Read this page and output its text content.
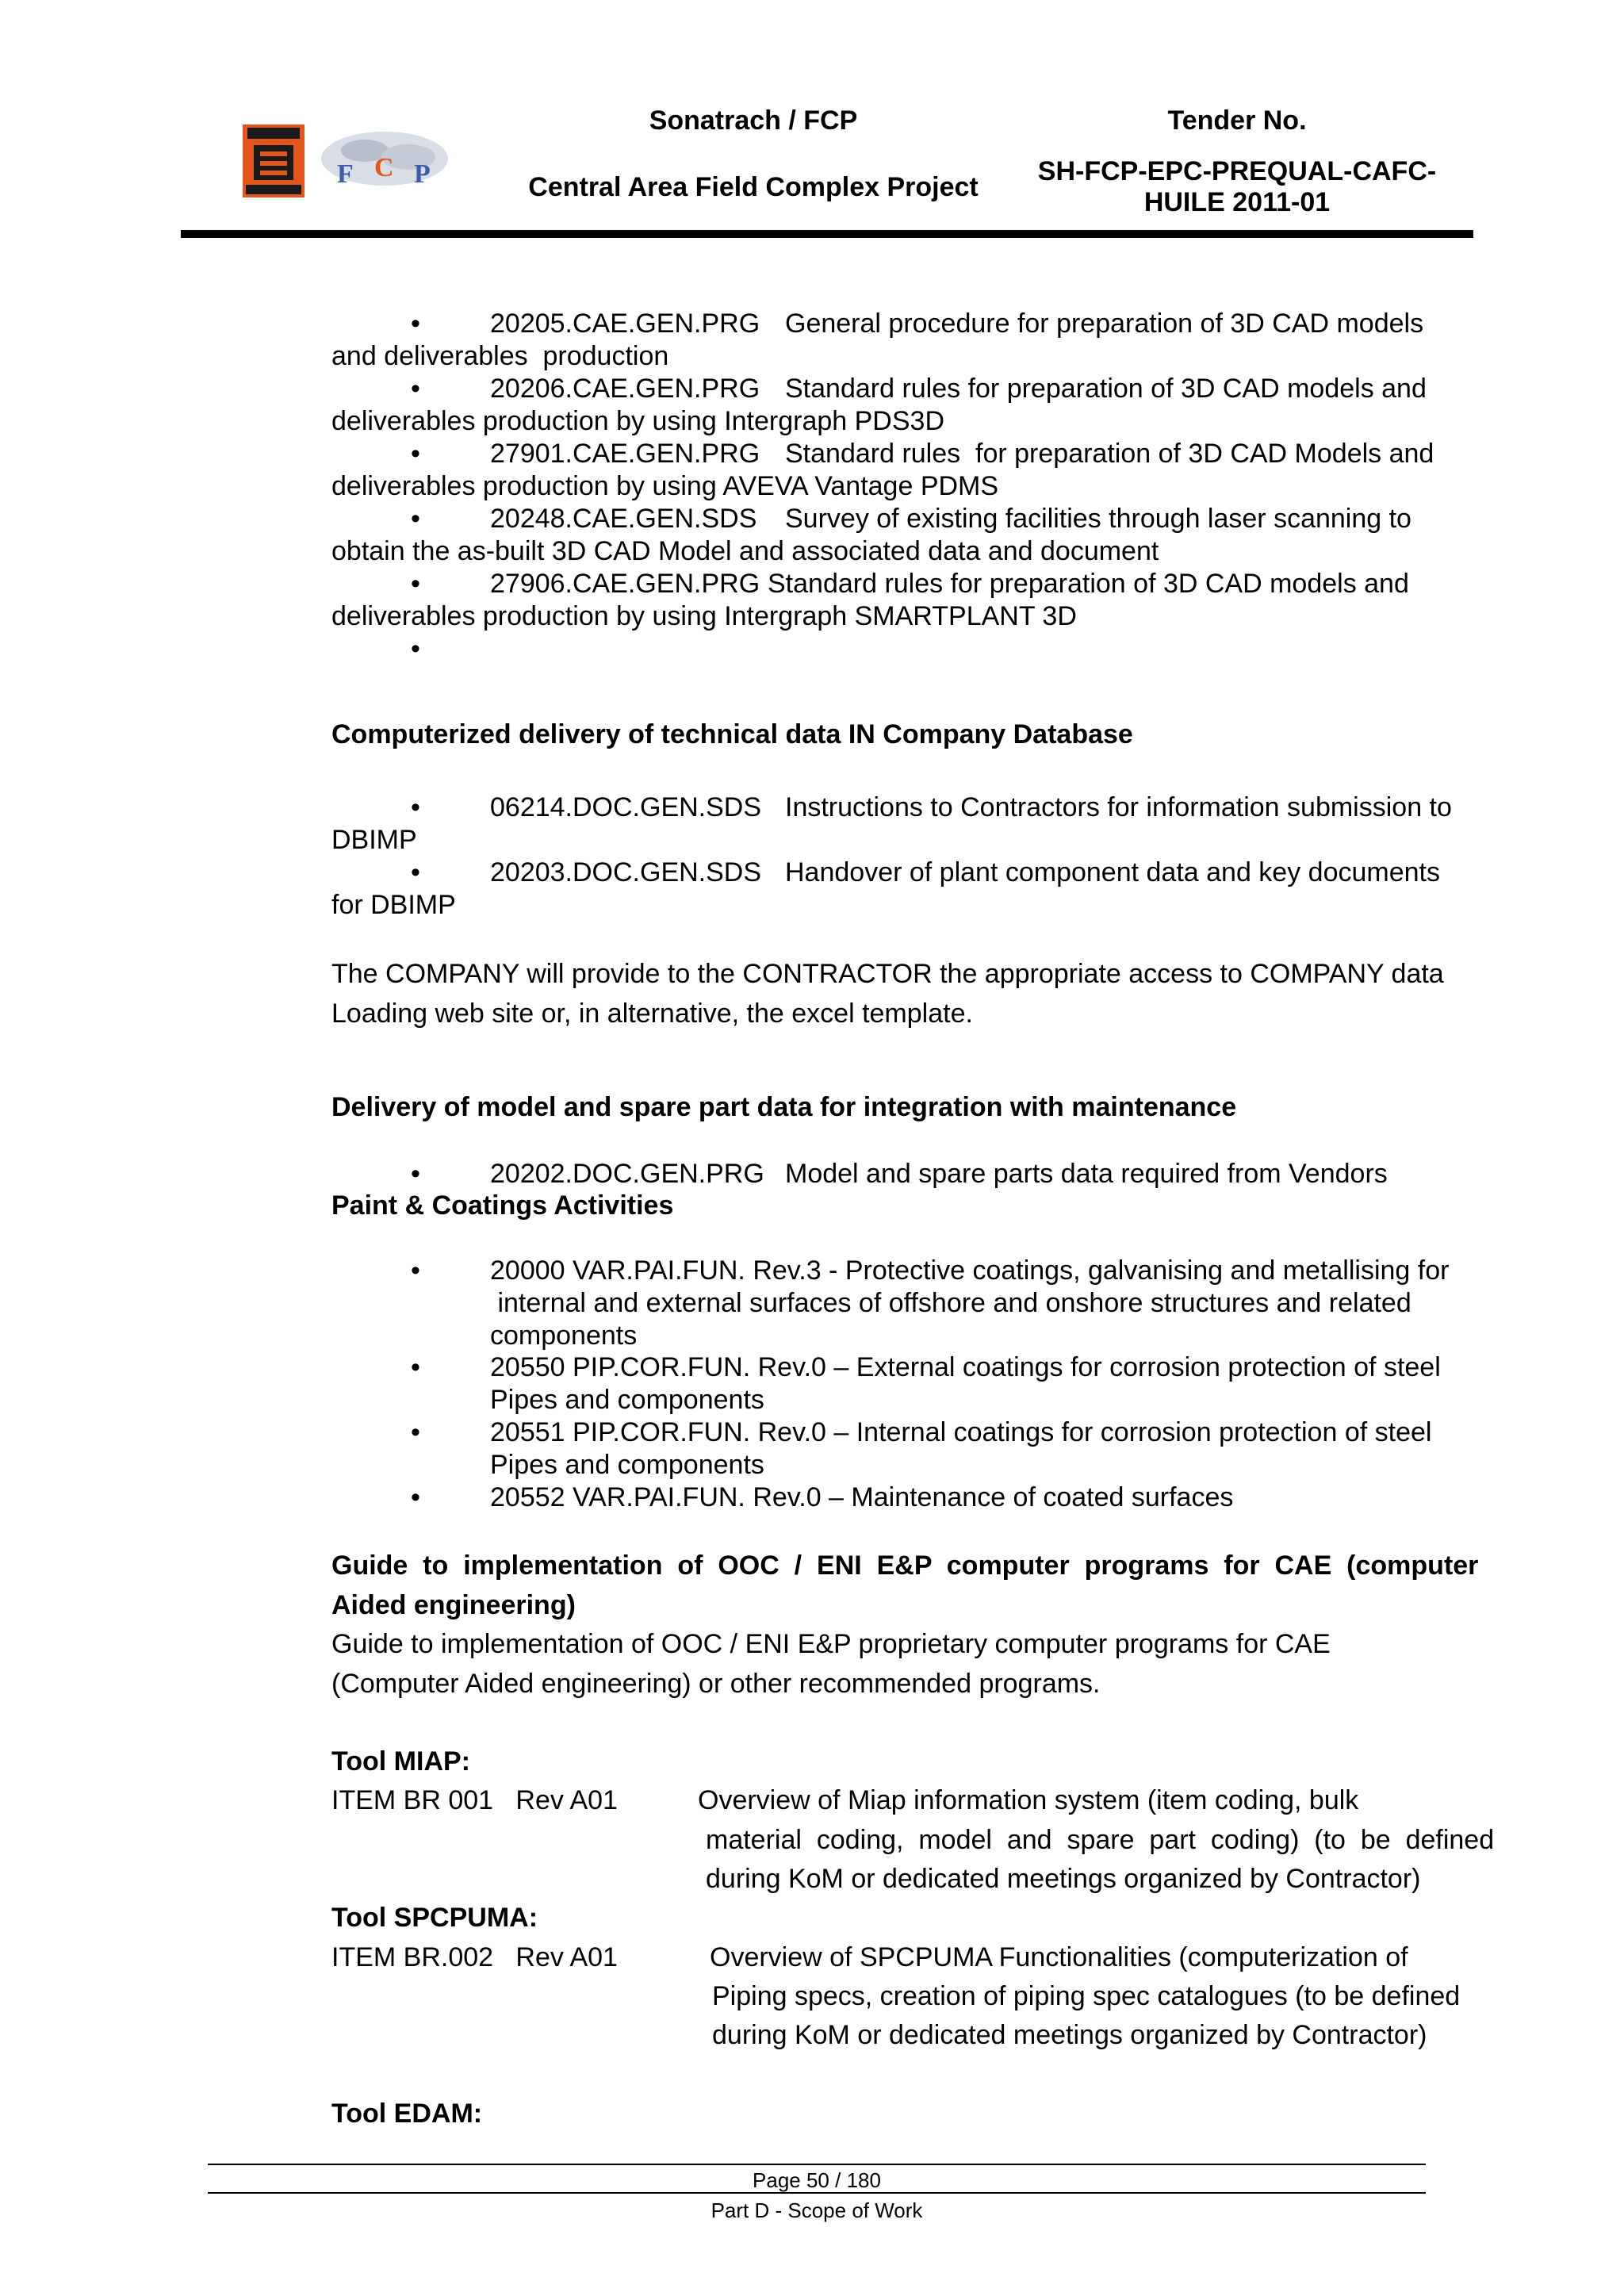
F C P
Sonatrach / FCP
Central Area Field Complex Project
Tender No.
SH-FCP-EPC-PREQUAL-CAFC-
HUILE 2011-01
•	20205.CAE.GEN.PRG General procedure for preparation of 3D CAD models
and deliverables  production
•	20206.CAE.GEN.PRG Standard rules for preparation of 3D CAD models and
deliverables production by using Intergraph PDS3D
•	27901.CAE.GEN.PRG Standard rules  for preparation of 3D CAD Models and
deliverables production by using AVEVA Vantage PDMS
•	20248.CAE.GEN.SDS Survey of existing facilities through laser scanning to
obtain the as-built 3D CAD Model and associated data and document
•	27906.CAE.GEN.PRG Standard rules for preparation of 3D CAD models and
deliverables production by using Intergraph SMARTPLANT 3D
•
Computerized delivery of technical data IN Company Database
•	06214.DOC.GEN.SDS Instructions to Contractors for information submission to
DBIMP
•	20203.DOC.GEN.SDS Handover of plant component data and key documents
for DBIMP
The COMPANY will provide to the CONTRACTOR the appropriate access to COMPANY data
Loading web site or, in alternative, the excel template.
Delivery of model and spare part data for integration with maintenance
•	20202.DOC.GEN.PRG Model and spare parts data required from Vendors
Paint & Coatings Activities
•	20000 VAR.PAI.FUN. Rev.3 - Protective coatings, galvanising and metallising for
internal and external surfaces of offshore and onshore structures and related
components
•	20550 PIP.COR.FUN. Rev.0 – External coatings for corrosion protection of steel
Pipes and components
•	20551 PIP.COR.FUN. Rev.0 – Internal coatings for corrosion protection of steel
Pipes and components
•	20552 VAR.PAI.FUN. Rev.0 – Maintenance of coated surfaces
Guide  to  implementation  of  OOC  /  ENI  E&P  computer  programs  for  CAE  (computer
Aided engineering)
Guide to implementation of OOC / ENI E&P proprietary computer programs for CAE
(Computer Aided engineering) or other recommended programs.
Tool MIAP:
ITEM BR 001   Rev A01	Overview of Miap information system (item coding, bulk
material  coding,  model  and  spare  part  coding)  (to  be  defined
during KoM or dedicated meetings organized by Contractor)
Tool SPCPUMA:
ITEM BR.002   Rev A01	Overview of SPCPUMA Functionalities (computerization of
Piping specs, creation of piping spec catalogues (to be defined
during KoM or dedicated meetings organized by Contractor)
Tool EDAM:
Page 50 / 180
Part D - Scope of Work
